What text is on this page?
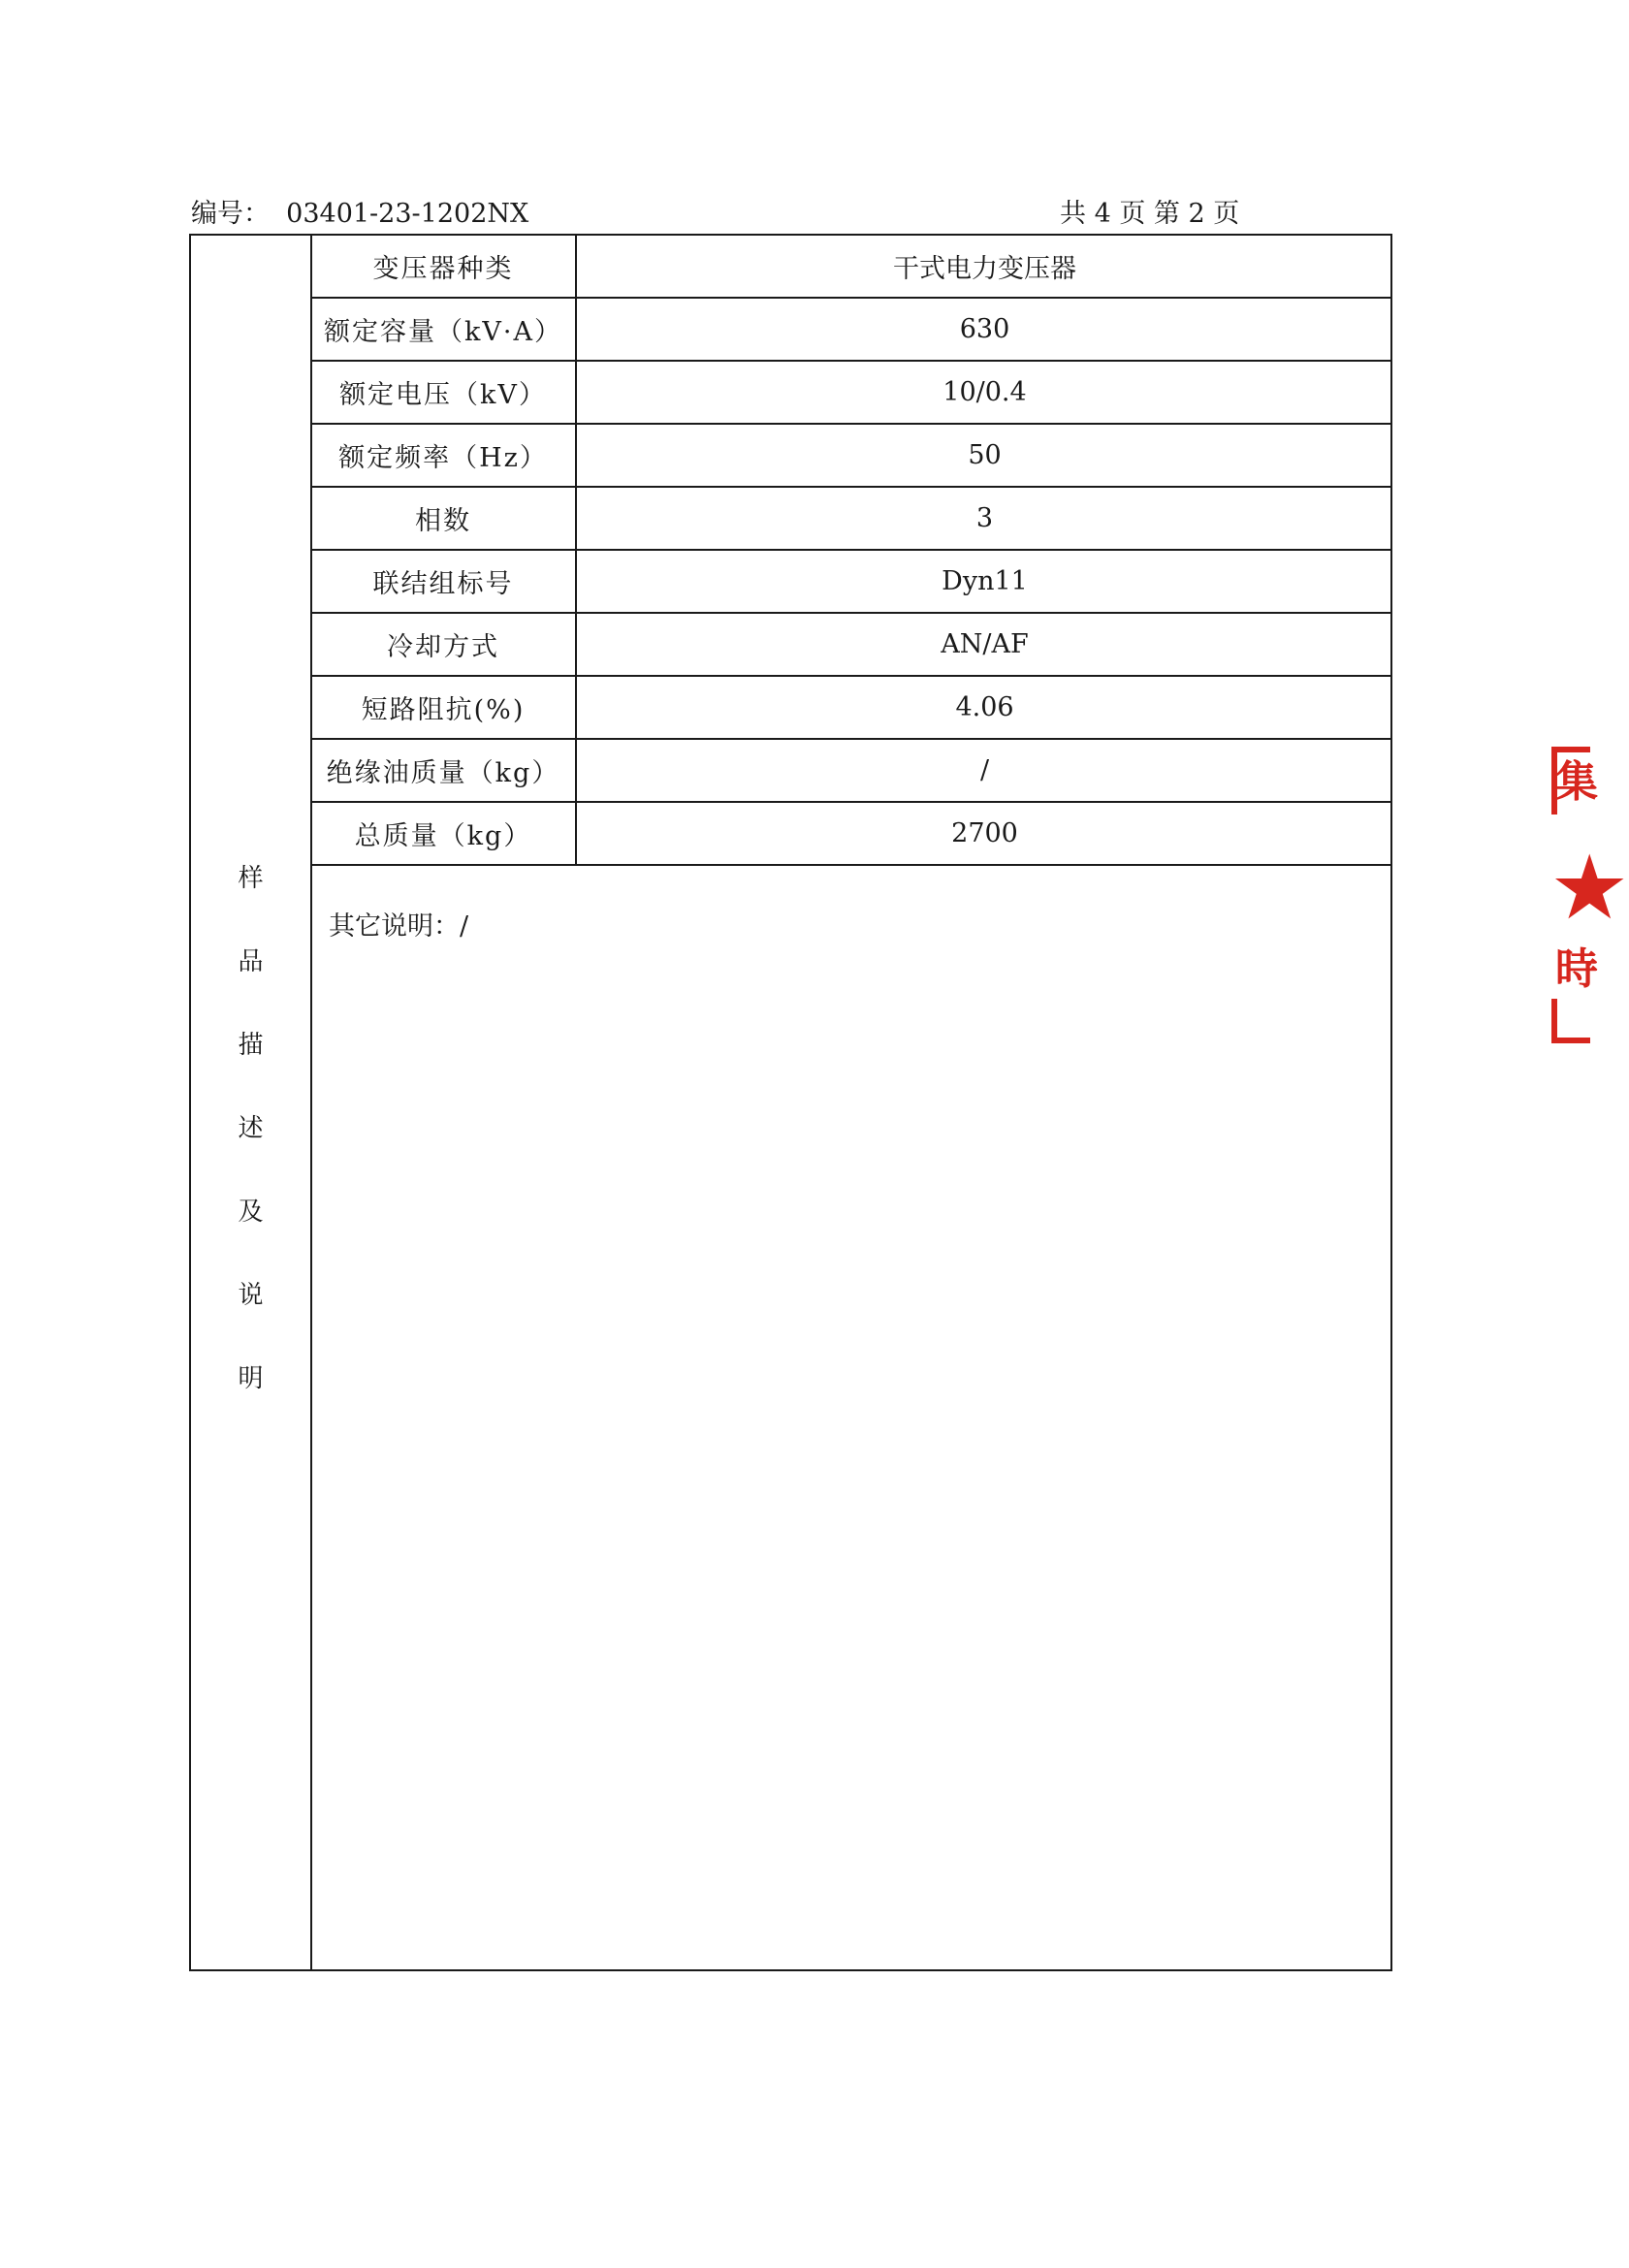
编号：  03401-23-1202NX	共 4 页 第 2 页
样
品
描
述
及
说
明
变压器种类	干式电力变压器
额定容量（kV·A）	630
额定电压（kV）	10/0.4
额定频率（Hz）	50
相数	3
联结组标号	Dyn11
冷却方式	AN/AF
短路阻抗(%)	4.06
绝缘油质量（kg）	/
总质量（kg）	2700
其它说明：/
集
★
時
